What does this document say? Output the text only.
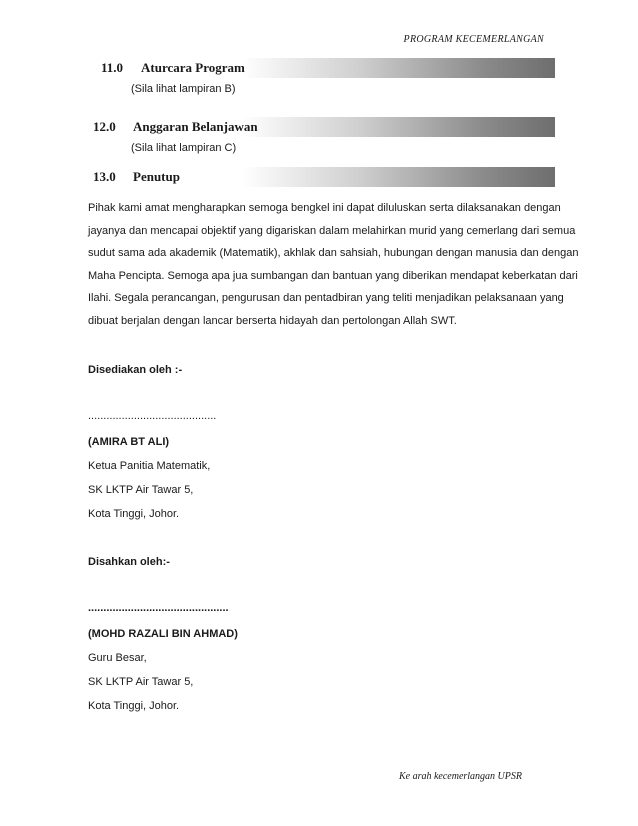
PROGRAM KECEMERLANGAN
11.0 Aturcara Program
(Sila lihat lampiran B)
12.0 Anggaran Belanjawan
(Sila lihat lampiran C)
13.0 Penutup
Pihak kami amat mengharapkan semoga bengkel ini dapat diluluskan serta dilaksanakan dengan
jayanya dan mencapai objektif yang digariskan dalam melahirkan murid yang cemerlang dari semua
sudut sama ada akademik (Matematik), akhlak dan sahsiah, hubungan dengan manusia dan dengan
Maha Pencipta. Semoga apa jua sumbangan dan bantuan yang diberikan mendapat keberkatan dari
Ilahi. Segala perancangan, pengurusan dan pentadbiran yang teliti menjadikan pelaksanaan yang
dibuat berjalan dengan lancar berserta hidayah dan pertolongan Allah SWT.
Disediakan oleh :-
..........................................
(AMIRA BT ALI)
Ketua Panitia Matematik,
SK LKTP Air Tawar 5,
Kota Tinggi, Johor.
Disahkan oleh:-
..............................................
(MOHD RAZALI BIN AHMAD)
Guru Besar,
SK LKTP Air Tawar 5,
Kota Tinggi, Johor.
Ke arah kecemerlangan UPSR
